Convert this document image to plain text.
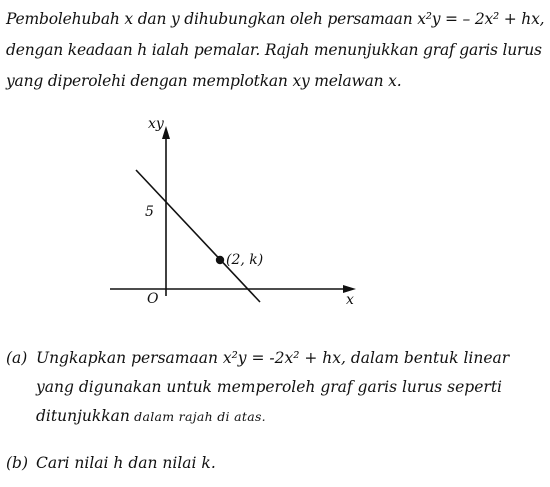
Pembolehubah x dan y dihubungkan oleh persamaan x²y = – 2x² + hx,
dengan keadaan h ialah pemalar. Rajah menunjukkan graf garis lurus
yang diperolehi dengan memplotkan xy melawan x.
xy
x
O
5
(2, k)
(a) Ungkapkan persamaan x²y = -2x² + hx, dalam bentuk linear
yang digunakan untuk memperoleh graf garis lurus seperti
ditunjukkan dalam rajah di atas.
(b) Cari nilai h dan nilai k.
